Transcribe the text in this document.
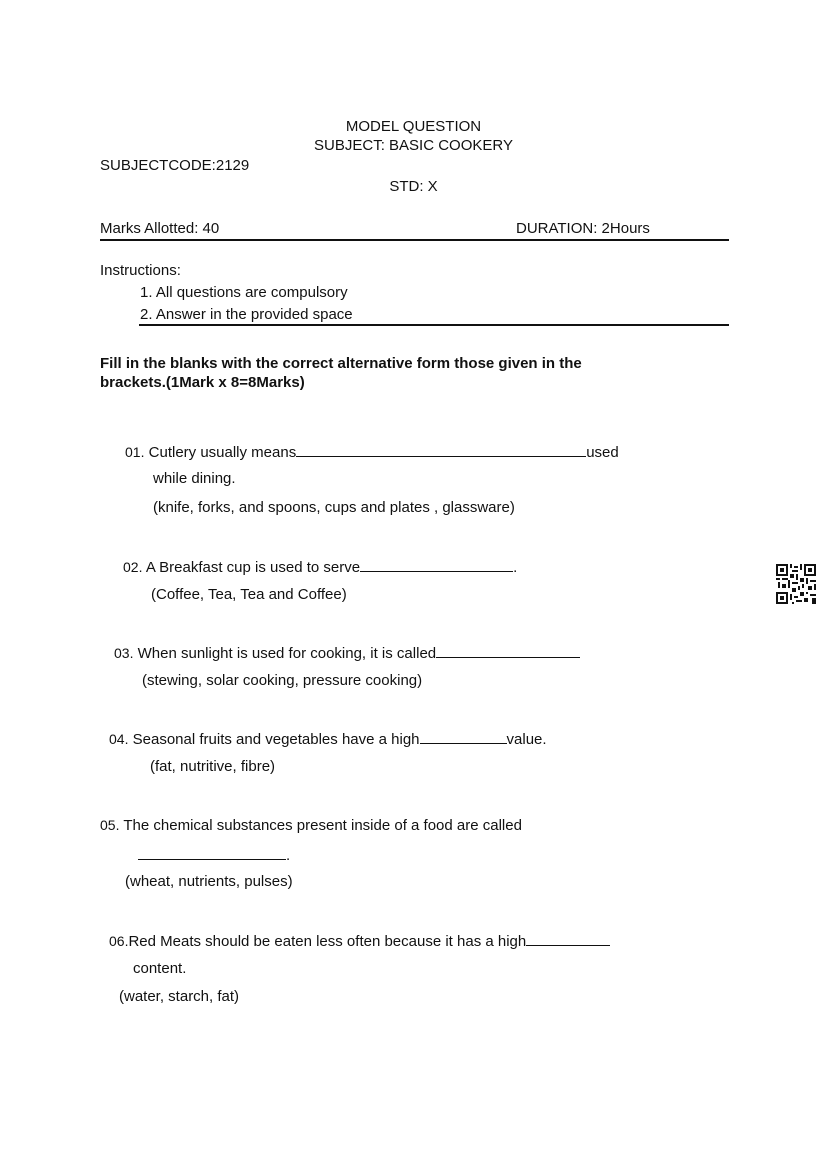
MODEL QUESTION
SUBJECT: BASIC COOKERY
SUBJECTCODE:2129
STD: X
Marks Allotted: 40	DURATION: 2Hours
Instructions:
1. All questions are compulsory
2. Answer in the provided space
Fill in the blanks with the correct alternative form those given in the
brackets.(1Mark x 8=8Marks)
01. Cutlery usually means	used
while dining.
(knife, forks, and spoons, cups and plates , glassware)
02. A Breakfast cup is used to serve	.
(Coffee, Tea, Tea and Coffee)
03. When sunlight is used for cooking, it is called
(stewing, solar cooking, pressure cooking)
04. Seasonal fruits and vegetables have a high	value.
(fat, nutritive, fibre)
05. The chemical substances present inside of a food are called
.
(wheat, nutrients, pulses)
06.Red Meats should be eaten less often because it has a high
content.
(water, starch, fat)
